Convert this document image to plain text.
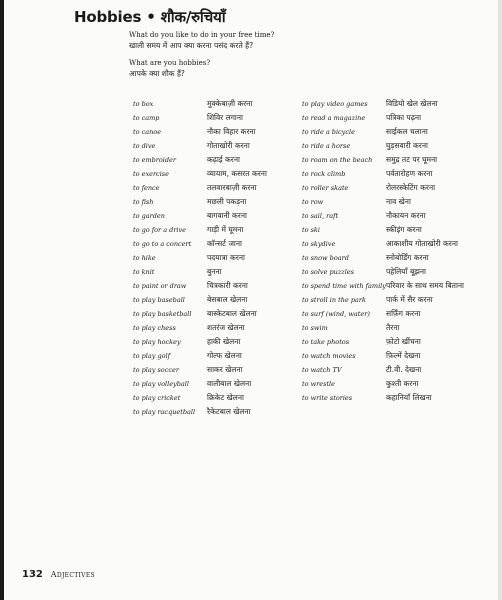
Hobbies • शौक/रुचियाँ
What do you like to do in your free time?
खाली समय में आप क्या करना पसंद करते हैं?
What are you hobbies?
आपके क्या शौक हैं?
to box	मुक्केबाज़ी करना
to camp	शिविर लगाना
to canoe	नौका विहार करना
to dive	गोताखोरी करना
to embroider	कढ़ाई करना
to exercise	व्यायाम, कसरत करना
to fence	तलवारबाज़ी करना
to fish	मछली पकड़ना
to garden	बागवानी करना
to go for a drive	गाड़ी में घूमना
to go to a concert	कॉन्सर्ट जाना
to hike	पदयात्रा करना
to knit	बुनना
to paint or draw	चित्रकारी करना
to play baseball	बेसबाल खेलना
to play basketball	बास्केटबाल खेलना
to play chess	शतरंज खेलना
to play hockey	हाकी खेलना
to play golf	गोल्फ खेलना
to play soccer	साकर खेलना
to play volleyball	वालीबाल खेलना
to play cricket	क्रिकेट खेलना
to play racquetball	रैकेटबाल खेलना
to play video games	विडियो खेल खेलना
to read a magazine	पत्रिका पढ़ना
to ride a bicycle	साईकल चलाना
to ride a horse	घुड़सवारी करना
to roam on the beach	समुद्र तट पर घूमना
to rock climb	पर्वतारोहण करना
to roller skate	रोलरस्केटिंग करना
to row	नाव खेना
to sail, raft	नौकायन करना
to ski	स्कीइंग करना
to skydive	आकाशीय गोताखोरी करना
to snow board	स्नोबोर्डिंग करना
to solve puzzles	पहेलियाँ बूझना
to spend time with family परिवार के साथ समय बिताना
to stroll in the park	पार्क में सैर करना
to surf (wind, water)	सर्फ़िंग करना
to swim	तैरना
to take photos	फ़ोटो खींचना
to watch movies	फ़िल्में देखना
to watch TV	टी.वी. देखना
to wrestle	कुश्ती करना
to write stories	कहानियाँ लिखना
132 Adjectives
